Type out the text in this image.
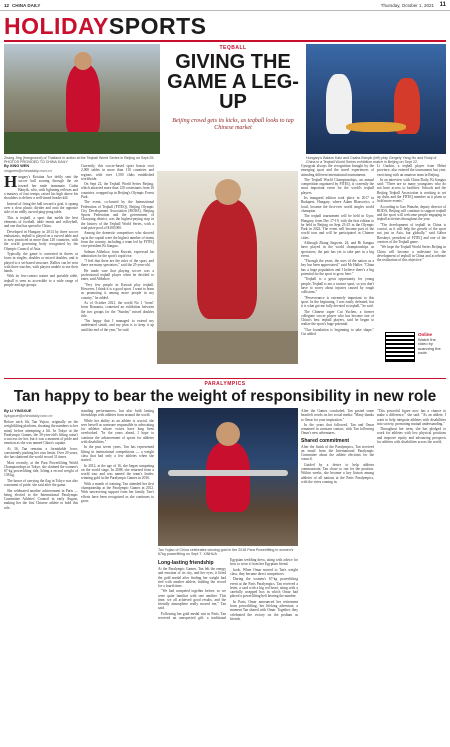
12 CHINA DAILY	Thursday, October 1, 2021 11
HOLIDAYSPORTS
Zhang Jing (foreground) of Thailand in action at the Teqball World Series in Beijing on Sept 25. PHOTOS PROVIDED TO CHINA DAILY
Hungary's Balázs Katz and Csaba Bányik (left) play Gergely Yang Hu and Ruiqi of China in a Teqball World Series exhibition match in Beijing on Sept 22.
TEQBALL
GIVING THE GAME A LEG-UP
Beijing crowd gets its kicks, as teqball looks to tap Chinese market
By XING WEN
xingwen@chinadaily.com.cn

Hungary's Kristina Ace deftly sent the soccer ball soaring through the air toward her male teammate, Csaba Bányik, who, with lightning reflexes and a mastery of foot tempo, raised his high above his shoulders to deliver a well-timed header kill.

Instead of firing the ball toward a goal, it sprang over a clear plastic divider and onto the opposite side of an oddly curved ping-pong table.

This is teqball, a sport that melds the best elements of football, table tennis and volleyball, and one that has spread to China.

Developed in Hungary in 2014 by three soccer enthusiasts, teqball is played on a curved table and is now practiced in more than 120 countries, with the world governing body recognized by the Olympic Council of Asia.

Typically, the game is contested in threes or fours in singles, doubles or mixed doubles, and is played to a set-based structure. Rallies can be won with three touches, with players unable to use their hands.

With its low-contact nature and portable table, teqball is seen as accessible to a wide range of people and age groups.

Currently, this soccer-based sport boasts over 2,000 tables in more than 110 countries and regions, with over 1,500 clubs established worldwide.

On Sept 22, the Teqball World Series Beijing, which attracted more than 120 contestants from 16 countries, wrapped up in Beijing's Olympic Forest Park.

The event, co-hosted by the International Federation of Teqball (FITEQ), Beijing Olympic City Development Association (BODA), Beijing Sports Federation and the government of Chaoyang district, was the highest-paying stop in the history of the Teqball World Series, with a total prize pool of $100,000.

Among the domestic competitors who showed up in the capital were the highest number of teams from the country, including a team led by FITEQ vice-president Bi Jianguo.

Salman Alibekov, from Kuwait, expressed his admiration for the sport's rapid rise.

"I feel that there are the rules of the sport, and there are many spectators," said the 25-year-old.

He made sure that playing soccer was a professional teqball player when he decided to enter, said Alibekov.

"Very few people in Kuwait play teqball. However, I think it is a good sport. I want to learn as promoting it among more people in my country," he added.

As of October 2021, the world No 1 "team" from Romania, contested an exhibition between the two groups for the "Sunday" mixed doubles title.

"I'm happy that I managed to extend my undefeated streak, and my plan is to keep it up until the end of the year," he said.

Gyurgyak always the recognition brought by the emerging sport and the travel experiences of attending different international tournaments.

The Teqball World Championships, an annual competition organized by FITEQ, is currently the most important event for the world's teqball players.

Its inaugural edition took place in 2017 in Budapest, Hungary, where Adam Blazsovics, a local, became the first-ever world singles world champion.

The teqball tournament will be held in Gyor, Hungary, from Dec 17-19, with the first edition to be held in Beijing on Sept 23-25 in the Olympic Park in 2022. The event will become part of the world tour and will be participated in Chinese cities.

Although Zhang Jingwen, 24, and Bi Jianguo have played in the world championships as spectators, the pair has yet to take part in a big event.

"Through the years, the uses of the nation as a key has been appreciated," said Mr Haller. "China has a huge population and I believe there's a big potential for the sport to grow here."

"Teqball is a great opportunity for young people. Teqball is not a contact sport, so you don't have to worry about injuries caused by rough collisions."

"Perseverance is extremely important to this sport. In the beginning, I was easily defeated, but it is what got me fully devoted to teqball," he said.

The Chinese super Cui Yuchen, a former collegiate soccer player who has become one of China's best teqball players, said he began to realize the sport's huge potential.

"Our foundation is beginning to take shape," Cui added.

Li Gaobin, a teqball player from Hebei province, also entered the tournament last year, exercising with an amateur team in Beijing.

In an interview with China Daily, Bi Jianguo said: "There are so many youngsters who do not have access to facilities. Schools and the Beijing Teqball Association is working to set up clubs and the FITEQ member as it plans to hold more events."

According to Gao Wanzhe, deputy director of BODA, Beijing will continue to support teqball and the sport will welcome people engaging in teqball activities throughout the year.

"The development of teqball in China is crucial, as it will help the growth of the sport not just in Asia, but globally," said Gábor Borsányi, president of FITEQ and one of the creators of the Teqball game.

"We hope the Teqball World Series Beijing in China will become a milestone for the development of teqball in China and accelerate the realization of this objective."

Online
Watch the video by scanning the code.
PARALYMPICS
Tan happy to bear the weight of responsibility in new role
By LI YINGXUE
liyingxue@chinadaily.com.cn

Before each lift, Tan Yujiao, originally on the weightlifting platform, shouting the numbers to her mind, before attempting a lift. In Tokyo at the Paralympic Games, the 30-year-old's lifting wasn't a success for her, but it was a moment of pride and emotion as she was named China's captain.

At 36, Tan remains a formidable force, consistently pushing her own limits. Over 20 years, she has shattered the world record 31 times.

Most recently, at the Para Powerlifting World Championships in Tokyo, she claimed the women's 67-kg powerlifting title, lifting a record weight of 138 kg.

The honor of carrying the flag in Tokyo was also a moment of pride, she said after the game.

She celebrated another achievement in Paris — being elected to the International Paralympic Committee Athletes' Council in early August, making her the first Chinese athlete to hold this role.

standing performances, but also built lasting friendships with athletes from around the world.

While her ability as an athlete is crucial, she sees herself as someone responsible in advocating for athletes whose voices have long been overlooked. "In the years ahead, I hope to continue the advancement of sports for athletes with disabilities."

In the past seven years, Tan has represented lifting in international competitions — a weight class that had only a few athletes when she started.

In 2012, at the age of 16, she began competing on the world stage. In 2008, she returned from a world tour and was named the team's leader, winning gold in the Paralympic Games in 2016.

With a month of training, Tan attended her first championship at the Paralympic Games in 2012. With unwavering support from her family, Tan's efforts have been recognized as she continues to grow.

Tan Yujiao of China celebrates winning gold in the 2018 Para Powerlifting in women's 67kg powerlifting on Sept 7. XINHUA
Long-lasting friendship

At the Paralympic Games, Tan felt the energy and emotion of its city, and her eyes, it lifted the gold medal after finding her weight had tied with another athlete, holding the record for a fourth time.

"We had competed together before, so we were quite familiar with one another. This time, we all achieved good results, and the friendly atmosphere really moved me," Tan said.

Following her gold medal win in Paris, Tan received an unexpected gift: a traditional Egyptian wedding dress, along with advice for how to wear it from her Egyptian friend.

book. When Omar moved to Tan's weight class, they became direct competitors.

During the women's 67-kg powerlifting event at the Paris Paralympics, Tan received a letter, a card with a big red heart, along with a carefully wrapped box in which Omar had placed a powerlifting belt bearing the number.

In Paris, Omar announced her retirement from powerlifting, her lifelong adventure, a moment Tan shared with Omar. Together, they celebrated the victory on the podium as friends.

After the Games concluded, Tan posted some heartfelt words on her social media: "Many thanks to Omar for your inspiration."

In the years that followed, Tan and Omar remained in constant contact, with Tan following Omar's new adventures.

Shared commitment

After the finish of the Paralympics, Tan received an email from the International Paralympic Committee about the athlete elections for the council.

Guided by a desire to help athletes communicate, Tan chose to run for the position. Within weeks, she became a key liaison among athletes of all nations at the Paris Paralympics, with the votes coming in.

"This powerful figure now has a chance to make a difference," she said. "As an athlete, I want to help integrate athletes with disabilities into society, promoting mutual understanding."

Throughout her term, she has pledged to work for athletes with low physical positions and improve equity and advancing prospects for athletes with disabilities across the world.
